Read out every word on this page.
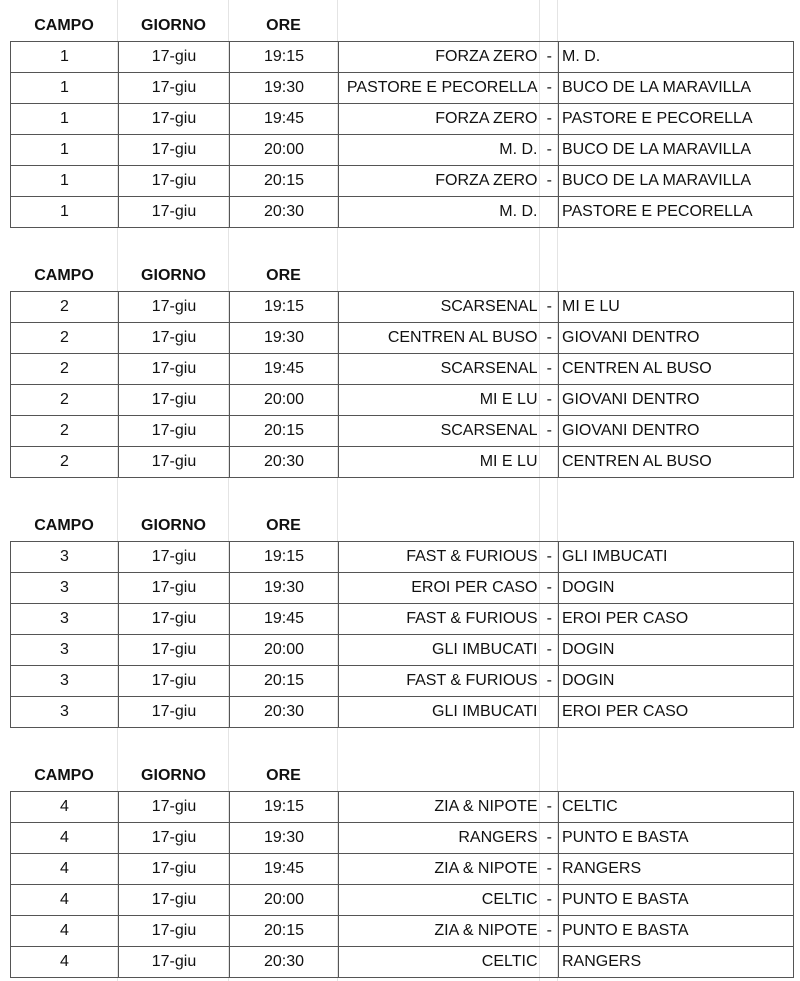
CAMPO	GIORNO	ORE
1	17-giu	19:15	FORZA ZERO	-	M. D.
1	17-giu	19:30	PASTORE E PECORELLA	-	BUCO DE LA MARAVILLA
1	17-giu	19:45	FORZA ZERO	-	PASTORE E PECORELLA
1	17-giu	20:00	M. D.	-	BUCO DE LA MARAVILLA
1	17-giu	20:15	FORZA ZERO	-	BUCO DE LA MARAVILLA
1	17-giu	20:30	M. D.		PASTORE E PECORELLA
CAMPO	GIORNO	ORE
2	17-giu	19:15	SCARSENAL	-	MI E LU
2	17-giu	19:30	CENTREN AL BUSO	-	GIOVANI DENTRO
2	17-giu	19:45	SCARSENAL	-	CENTREN AL BUSO
2	17-giu	20:00	MI E LU	-	GIOVANI DENTRO
2	17-giu	20:15	SCARSENAL	-	GIOVANI DENTRO
2	17-giu	20:30	MI E LU		CENTREN AL BUSO
CAMPO	GIORNO	ORE
3	17-giu	19:15	FAST & FURIOUS	-	GLI IMBUCATI
3	17-giu	19:30	EROI PER CASO	-	DOGIN
3	17-giu	19:45	FAST & FURIOUS	-	EROI PER CASO
3	17-giu	20:00	GLI IMBUCATI	-	DOGIN
3	17-giu	20:15	FAST & FURIOUS	-	DOGIN
3	17-giu	20:30	GLI IMBUCATI		EROI PER CASO
CAMPO	GIORNO	ORE
4	17-giu	19:15	ZIA & NIPOTE	-	CELTIC
4	17-giu	19:30	RANGERS	-	PUNTO E BASTA
4	17-giu	19:45	ZIA & NIPOTE	-	RANGERS
4	17-giu	20:00	CELTIC	-	PUNTO E BASTA
4	17-giu	20:15	ZIA & NIPOTE	-	PUNTO E BASTA
4	17-giu	20:30	CELTIC		RANGERS
